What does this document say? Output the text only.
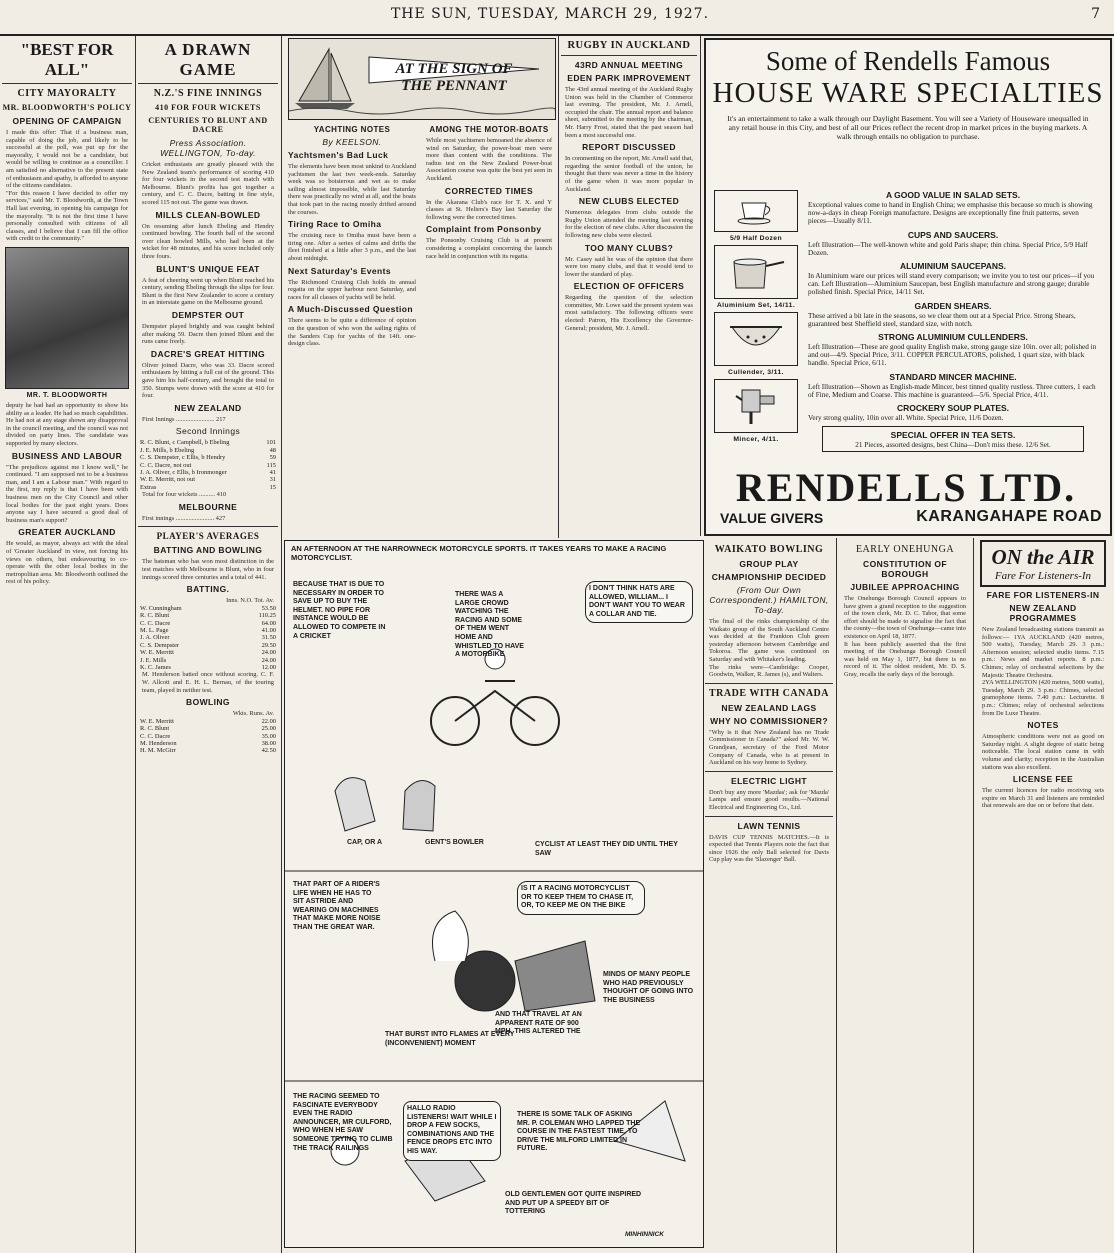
THE SUN, TUESDAY, MARCH 29, 1927.	7
"BEST FOR ALL"
CITY MAYORALTY
MR. BLOODWORTH'S POLICY
OPENING OF CAMPAIGN

I made this offer: That if a business man, capable of doing the job, and likely to be successful at the poll, was put up for the mayoralty, I would not be a candidate, but would be willing to continue as a councillor. I am satisfied no alternative to the present state of enthusiasm and apathy, is afforded to anyone of the citizens candidates.

"For this reason I have decided to offer my services," said Mr. T. Bloodworth, at the Town Hall last evening, in opening his campaign for the mayoralty. "It is not the first time I have personally consulted with citizens of all classes, and I believe that I can fill the office with credit to the community."

MR. T. BLOODWORTH

deputy he had had an opportunity to show his ability as a leader. He had so much capabilities. He had not at any stage shown any disapproval in the council meeting, and the council was not divided on party lines. The candidate was supported by many electors.

BUSINESS AND LABOUR

"The prejudices against me I know well," he continued. "I am supposed not to be a business man, and I am a Labour man." With regard to the first, my reply is that I have been with business men on the City Council and other local bodies for the past eight years. Does anyone say I have secured a good deal of business man's support?

GREATER AUCKLAND

He would, as mayor, always act with the ideal of 'Greater Auckland' in view, not forcing his views on others, but endeavouring to co-operate with the other local bodies in the metropolitan area. Mr. Bloodworth outlined the rest of his policy.

A DRAWN GAME
N.Z.'S FINE INNINGS
410 FOR FOUR WICKETS
CENTURIES TO BLUNT AND DACRE
Press Association. WELLINGTON, To-day.

Cricket enthusiasts are greatly pleased with the New Zealand team's performance of scoring 410 for four wickets in the second test match with Melbourne. Blunt's profits has got together a century, and C. C. Dacre, batting in fine style, scored 115 not out. The game was drawn.

MILLS CLEAN-BOWLED

On resuming after lunch Ebeling and Hendry continued bowling. The fourth ball of the second over clean bowled Mills, who had been at the wicket for 48 minutes, and his score included only three fours.

BLUNT'S UNIQUE FEAT

A feat of cheering went up when Blunt reached his century, sending Ebeling through the slips for four. Blunt is the first New Zealander to score a century in an interstate game on the Melbourne ground.

DEMPSTER OUT

Dempster played brightly and was caught behind after making 59. Dacre then joined Blunt and the runs came freely.

DACRE'S GREAT HITTING

Oliver joined Dacre, who was 33. Dacre scored enthusiasm by hitting a full cut of the ground. This gave him his half-century, and brought the total to 350. Stumps were drawn with the score at 410 for four.

NEW ZEALAND
First Innings ........................ 217
Second Innings
R. C. Blunt, c Campbell, b Ebeling	101
J. E. Mills, b Ebeling	48
C. S. Dempster, c Ellis, b Hendry	59
C. C. Dacre, not out	115
J. A. Oliver, c Ellis, b Ironmonger	41
W. E. Merritt, not out	31
Extras	15
Total for four wickets .......... 410
MELBOURNE
First innings ........................ 427
PLAYER'S AVERAGES
BATTING AND BOWLING

The batsman who has won most distinction in the test matches with Melbourne is Blunt, who in four innings scored three centuries and a total of 441.

BATTING.
Inns. N.O. Tot. Av.
W. Cunningham	53.50
R. C. Blunt	110.25
C. C. Dacre	64.00
M. L. Page	41.00
J. A. Oliver	31.50
C. S. Dempster	29.50
W. E. Merritt	24.00
J. E. Mills	24.00
K. C. James	12.00

M. Henderson batted once without scoring. C. F. W. Allcott and E. H. L. Bernau, of the touring team, played in neither test.

BOWLING
Wkts. Runs. Av.
W. E. Merritt	22.00
R. C. Blunt	25.00
C. C. Dacre	35.00
M. Henderson	38.00
H. M. McGirr	42.50
AT THE SIGN OF THE PENNANT
YACHTING NOTES
By KEELSON.
Yachtsmen's Bad Luck

The elements have been most unkind to Auckland yachtsmen the last two week-ends. Saturday week was so boisterous and wet as to make sailing almost impossible, while last Saturday there was practically no wind at all, and the boats that took part in the racing mostly drifted around the courses.

Tiring Race to Omiha

The cruising race to Omiha must have been a tiring one. After a series of calms and drifts the fleet finished at a little after 3 p.m., and the last about midnight.

Next Saturday's Events

The Richmond Cruising Club holds its annual regatta on the upper harbour next Saturday, and races for all classes of yachts will be held.

A Much-Discussed Question

There seems to be quite a difference of opinion on the question of who won the sailing rights of the Sanders Cup for yachts of the 14ft. one-design class.

AMONG THE MOTOR-BOATS

While most yachtsmen bemoaned the absence of wind on Saturday, the power-boat men were more than content with the conditions. The radius test on the New Zealand Power-boat Association course was quite the best yet seen in Auckland.

CORRECTED TIMES

In the Akarana Club's race for T. X. and Y classes at St. Heliers's Bay last Saturday the following were the corrected times.

Complaint from Ponsonby

The Ponsonby Cruising Club is at present considering a complaint concerning the launch race held in conjunction with its regatta.

RUGBY IN AUCKLAND
43RD ANNUAL MEETING
EDEN PARK IMPROVEMENT

The 43rd annual meeting of the Auckland Rugby Union was held in the Chamber of Commerce last evening. The president, Mr. J. Arnell, occupied the chair. The annual report and balance sheet, submitted to the meeting by the chairman, Mr. Harry Frost, stated that the past season had been a most successful one.

REPORT DISCUSSED

In commenting on the report, Mr. Arnell said that, regarding the senior football of the union, he thought that there was never a time in the history of the game when it was more popular in Auckland.

NEW CLUBS ELECTED

Numerous delegates from clubs outside the Rugby Union attended the meeting last evening for the election of new clubs. After discussion the following new clubs were elected.

TOO MANY CLUBS?

Mr. Casey said he was of the opinion that there were too many clubs, and that it would tend to lower the standard of play.

ELECTION OF OFFICERS

Regarding the question of the selection committee, Mr. Lowe said the present system was most satisfactory. The following officers were elected: Patron, His Excellency the Governor-General; president, Mr. J. Arnell.

Some of Rendells Famous
HOUSE WARE SPECIALTIES

It's an entertainment to take a walk through our Daylight Basement. You will see a Variety of Houseware unequalled in any retail house in this City, and best of all our Prices reflect the recent drop in market prices in the buying markets. A walk through entails no obligation to purchase.

5/9 Half Dozen
Aluminium Set, 14/11.
Cullender, 3/11.
Mincer, 4/11.
A GOOD VALUE IN SALAD SETS.
Exceptional values come to hand in English China; we emphasise this because so much is showing now-a-days in cheap Foreign manufacture. Designs are exceptionally fine fruit patterns, seven pieces—Usually 8/11.
CUPS AND SAUCERS.
Left Illustration—The well-known white and gold Paris shape; thin china. Special Price, 5/9 Half Dozen.
ALUMINIUM SAUCEPANS.
In Aluminium ware our prices will stand every comparison; we invite you to test our prices—if you can. Left Illustration—Aluminium Saucepan, best English manufacture and strong gauge; durable polished finish. Special Price, 14/11 Set.
GARDEN SHEARS.
These arrived a bit late in the seasons, so we clear them out at a Special Price. Strong Shears, guaranteed best Sheffield steel, standard size, with notch.
STRONG ALUMINIUM CULLENDERS.
Left Illustration—These are good quality English make, strong gauge size 10in. over all; polished in and out—4/9. Special Price, 3/11. COPPER PERCULATORS, polished, 1 quart size, with black handle. Special Price, 6/11.
STANDARD MINCER MACHINE.
Left Illustration—Shown as English-made Mincer, best tinned quality rustless. Three cutters, 1 each of Fine, Medium and Coarse. This machine is guaranteed—5/6. Special Price, 4/11.
CROCKERY SOUP PLATES.
Very strong quality, 10in over all. White. Special Price, 11/6 Dozen.
SPECIAL OFFER IN TEA SETS.
21 Pieces, assorted designs, best China—Don't miss these. 12/6 Set.
RENDELLS LTD.
VALUE GIVERS	KARANGAHAPE ROAD
AN AFTERNOON AT THE NARROWNECK MOTORCYCLE SPORTS. IT TAKES YEARS TO MAKE A RACING MOTORCYCLIST.
BECAUSE THAT IS DUE TO NECESSARY IN ORDER TO SAVE UP TO BUY THE HELMET. NO PIPE FOR INSTANCE WOULD BE ALLOWED TO COMPETE IN A CRICKET
THERE WAS A LARGE CROWD WATCHING THE RACING AND SOME OF THEM WENT HOME AND WHISTLED TO HAVE A MOTORBIKE
I DON'T THINK HATS ARE ALLOWED, WILLIAM... I DON'T WANT YOU TO WEAR A COLLAR AND TIE.
CAP, OR A	GENT'S BOWLER	CYCLIST AT LEAST THEY DID UNTIL THEY SAW
THAT PART OF A RIDER'S LIFE WHEN HE HAS TO SIT ASTRIDE AND WEARING ON MACHINES THAT MAKE MORE NOISE THAN THE GREAT WAR.
THAT BURST INTO FLAMES AT EVERY (INCONVENIENT) MOMENT
AND THAT TRAVEL AT AN APPARENT RATE OF 900 MPH. THIS ALTERED THE
IS IT A RACING MOTORCYCLIST OR TO KEEP THEM TO CHASE IT, OR, TO KEEP ME ON THE BIKE
MINDS OF MANY PEOPLE WHO HAD PREVIOUSLY THOUGHT OF GOING INTO THE BUSINESS
THE RACING SEEMED TO FASCINATE EVERYBODY EVEN THE RADIO ANNOUNCER, MR CULFORD, WHO WHEN HE SAW SOMEONE TRYING TO CLIMB THE TRACK RAILINGS
HALLO RADIO LISTENERS! WAIT WHILE I DROP A FEW SOCKS, COMBINATIONS AND THE FENCE DROPS ETC INTO HIS WAY.
THERE IS SOME TALK OF ASKING MR. P. COLEMAN WHO LAPPED THE COURSE IN THE FASTEST TIME, TO DRIVE THE MILFORD LIMITED IN FUTURE.
OLD GENTLEMEN GOT QUITE INSPIRED AND PUT UP A SPEEDY BIT OF TOTTERING
MINHINNICK
WAIKATO BOWLING
GROUP PLAY
CHAMPIONSHIP DECIDED
(From Our Own Correspondent.) HAMILTON, To-day.

The final of the rinks championship of the Waikato group of the South Auckland Centre was decided at the Frankton Club green yesterday afternoon between Cambridge and Tokoroa. The game was continued on Saturday and with Whitaker's leading.

The rinks were—Cambridge: Cooper, Goodwin, Walker, R. James (s), and Walters.

TRADE WITH CANADA
NEW ZEALAND LAGS
WHY NO COMMISSIONER?

"Why is it that New Zealand has no Trade Commissioner in Canada?" asked Mr. W. W. Grandjean, secretary of the Ford Motor Company of Canada, who is at present in Auckland on his way home to Sydney.

ELECTRIC LIGHT

Don't buy any more 'Mazdas'; ask for 'Mazda' Lamps and ensure good results.—National Electrical and Engineering Co., Ltd.

LAWN TENNIS

DAVIS CUP TENNIS MATCHES.—It is expected that Tennis Players note the fact that since 1926 the only Ball selected for Davis Cup play was the 'Slazenger' Ball.

EARLY ONEHUNGA
CONSTITUTION OF BOROUGH
JUBILEE APPROACHING

The Onehunga Borough Council appears to have given a grand reception to the suggestion of the town clerk, Mr. D. C. Tabor, that some effort should be made to signalise the fact that the county—the town of Onehunga—came into existence on April 18, 1877.

It has been publicly asserted that the first meeting of the Onehunga Borough Council was held on May 1, 1877, but there is no record of it. The oldest resident, Mr. D. S. Gray, recalls the early days of the borough.

ON the AIR
Fare For Listeners-In
FARE FOR LISTENERS-IN
NEW ZEALAND PROGRAMMES

New Zealand broadcasting stations transmit as follows:— 1YA AUCKLAND (420 metres, 500 watts), Tuesday, March 29. 3 p.m.: Afternoon session; selected studio items. 7.15 p.m.: News and market reports. 8 p.m.: Chimes; relay of orchestral selections by the Majestic Theatre Orchestra.

2YA WELLINGTON (420 metres, 5000 watts), Tuesday, March 29. 3 p.m.: Chimes, selected gramophone items. 7.40 p.m.: Lecturette. 8 p.m.: Chimes; relay of orchestral selections from De Luxe Theatre.

NOTES

Atmospheric conditions were not as good on Saturday night. A slight degree of static being noticeable. The local station came in with volume and clarity; reception in the Australian stations was also excellent.

LICENSE FEE

The current licences for radio receiving sets expire on March 31 and listeners are reminded that renewals are due on or before that date.
